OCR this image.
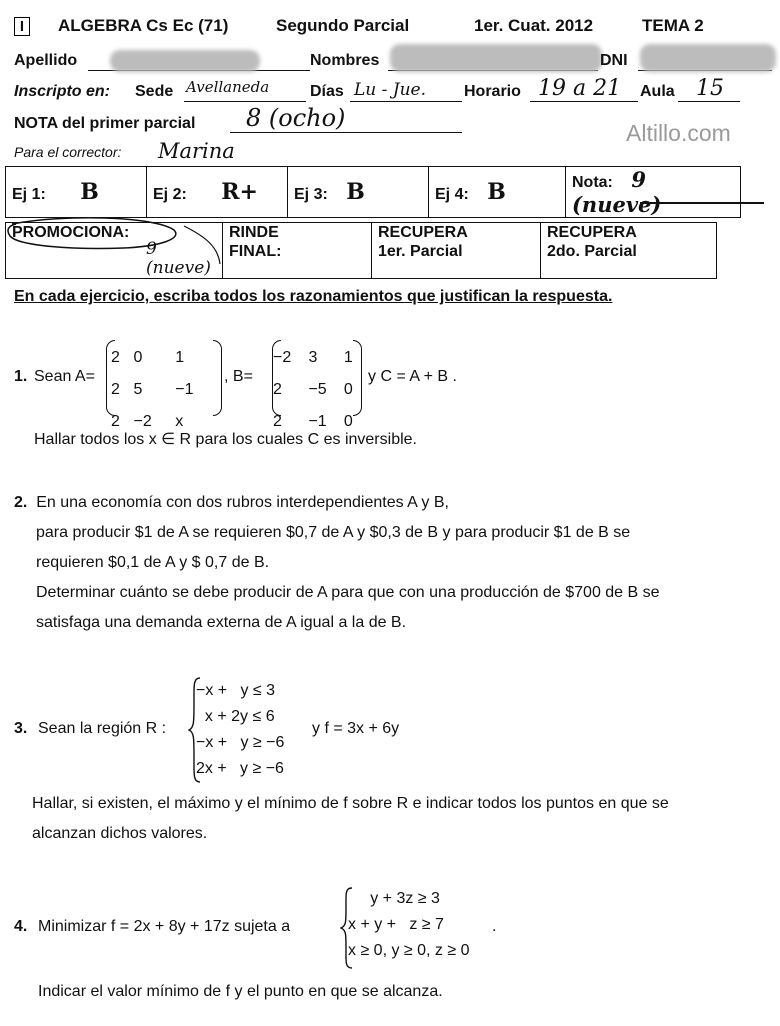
I	ALGEBRA Cs Ec (71)	Segundo Parcial	1er. Cuat. 2012	TEMA 2
Apellido	Nombres	DNI
Inscripto en: Sede Avellaneda	Días Lu - Jue. Horario 19 a 21 Aula 15
NOTA del primer parcial 8 (ocho)
Altillo.com
Para el corrector: Marina
Ej 1: B	Ej 2: R+	Ej 3: B	Ej 4: B	Nota: 9 (nueve)
PROMOCIONA:
9 (nueve)

RINDE
FINAL:

RECUPERA
1er. Parcial

RECUPERA
2do. Parcial
En cada ejercicio, escriba todos los razonamientos que justifican la respuesta.
1. Sean A=
2	0	1
2	5	−1
2	−2	x
, B=
−2	3	1
2	−5	0
2	−1	0
y C = A + B .
Hallar todos los x ∈ R para los cuales C es inversible.
2. En una economía con dos rubros interdependientes A y B,
para producir $1 de A se requieren $0,7 de A y $0,3 de B y para producir $1 de B se
requieren $0,1 de A y $ 0,7 de B.
Determinar cuánto se debe producir de A para que con una producción de $700 de B se
satisfaga una demanda externa de A igual a la de B.
3. Sean la región R :
−x +   y ≤ 3
x + 2y ≤ 6
−x +   y ≥ −6
2x +   y ≥ −6
y f = 3x + 6y
Hallar, si existen, el máximo y el mínimo de f sobre R e indicar todos los puntos en que se
alcanzan dichos valores.
4. Minimizar f = 2x + 8y + 17z sujeta a
y + 3z ≥ 3
x + y +   z ≥ 7
x ≥ 0, y ≥ 0, z ≥ 0
.
Indicar el valor mínimo de f y el punto en que se alcanza.
